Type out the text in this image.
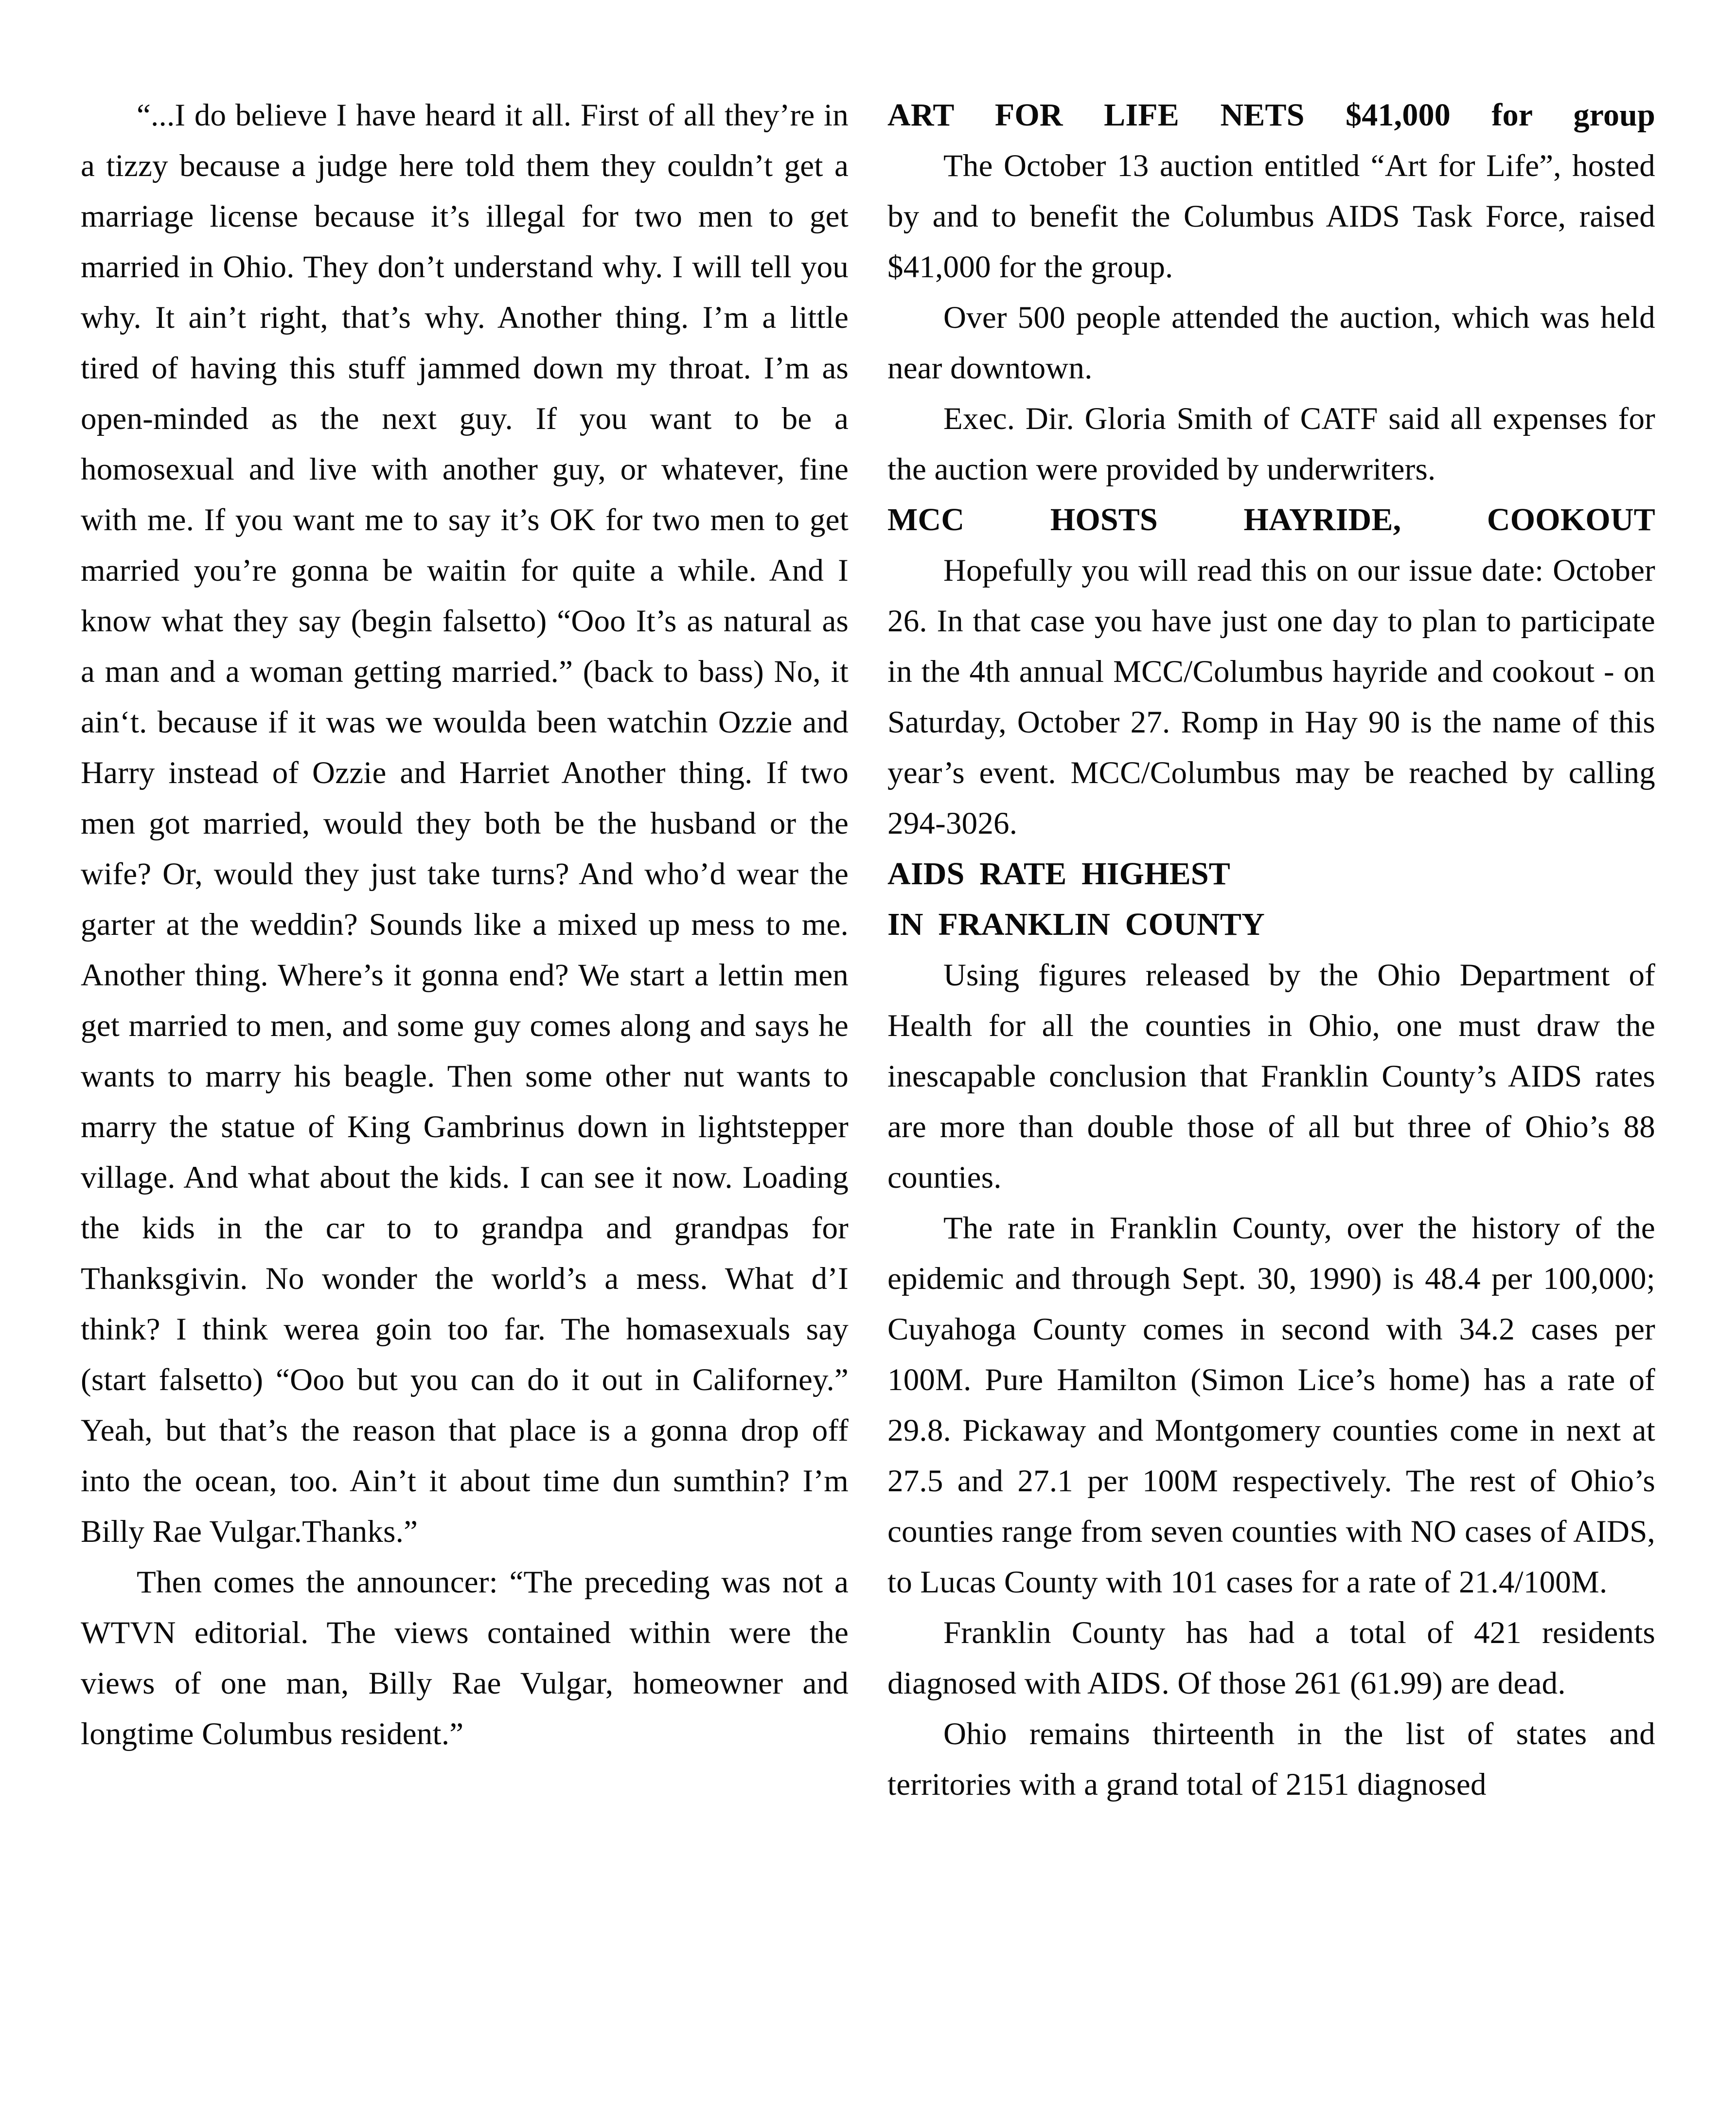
“...I do believe I have heard it all. First of all they’re in a tizzy because a judge here told them they couldn’t get a marriage license because it’s illegal for two men to get married in Ohio. They don’t understand why. I will tell you why. It ain’t right, that’s why. Another thing. I’m a little tired of having this stuff jammed down my throat. I’m as open-minded as the next guy. If you want to be a homosexual and live with another guy, or whatever, fine with me. If you want me to say it’s OK for two men to get married you’re gonna be waitin for quite a while. And I know what they say (begin falsetto) “Ooo It’s as natural as a man and a woman getting married.” (back to bass) No, it ain‘t. because if it was we woulda been watchin Ozzie and Harry instead of Ozzie and Harriet Another thing. If two men got married, would they both be the husband or the wife? Or, would they just take turns? And who’d wear the garter at the weddin? Sounds like a mixed up mess to me. Another thing. Where’s it gonna end? We start a lettin men get married to men, and some guy comes along and says he wants to marry his beagle. Then some other nut wants to marry the statue of King Gambrinus down in lightstepper village. And what about the kids. I can see it now. Loading the kids in the car to to grandpa and grandpas for Thanksgivin. No wonder the world’s a mess. What d’I think? I think werea goin too far. The homasexuals say (start falsetto) “Ooo but you can do it out in Californey.” Yeah, but that’s the reason that place is a gonna drop off into the ocean, too. Ain’t it about time dun sumthin? I’m Billy Rae Vulgar.Thanks.”

Then comes the announcer: “The preceding was not a WTVN editorial. The views contained within were the views of one man, Billy Rae Vulgar, homeowner and longtime Columbus resident.”

ART FOR LIFE NETS $41,000 for group

The October 13 auction entitled “Art for Life”, hosted by and to benefit the Columbus AIDS Task Force, raised $41,000 for the group.

Over 500 people attended the auction, which was held near downtown.

Exec. Dir. Gloria Smith of CATF said all expenses for the auction were provided by underwriters.

MCC HOSTS HAYRIDE, COOKOUT

Hopefully you will read this on our issue date: October 26. In that case you have just one day to plan to participate in the 4th annual MCC/Columbus hayride and cookout - on Saturday, October 27. Romp in Hay 90 is the name of this year’s event. MCC/Columbus may be reached by calling 294-3026.

AIDS RATE HIGHEST
IN FRANKLIN COUNTY

Using figures released by the Ohio Department of Health for all the counties in Ohio, one must draw the inescapable conclusion that Franklin County’s AIDS rates are more than double those of all but three of Ohio’s 88 counties.

The rate in Franklin County, over the history of the epidemic and through Sept. 30, 1990) is 48.4 per 100,000; Cuyahoga County comes in second with 34.2 cases per 100M. Pure Hamilton (Simon Lice’s home) has a rate of 29.8. Pickaway and Montgomery counties come in next at 27.5 and 27.1 per 100M respectively. The rest of Ohio’s counties range from seven counties with NO cases of AIDS, to Lucas County with 101 cases for a rate of 21.4/100M.

Franklin County has had a total of 421 residents diagnosed with AIDS. Of those 261 (61.99) are dead.

Ohio remains thirteenth in the list of states and territories with a grand total of 2151 diagnosed
